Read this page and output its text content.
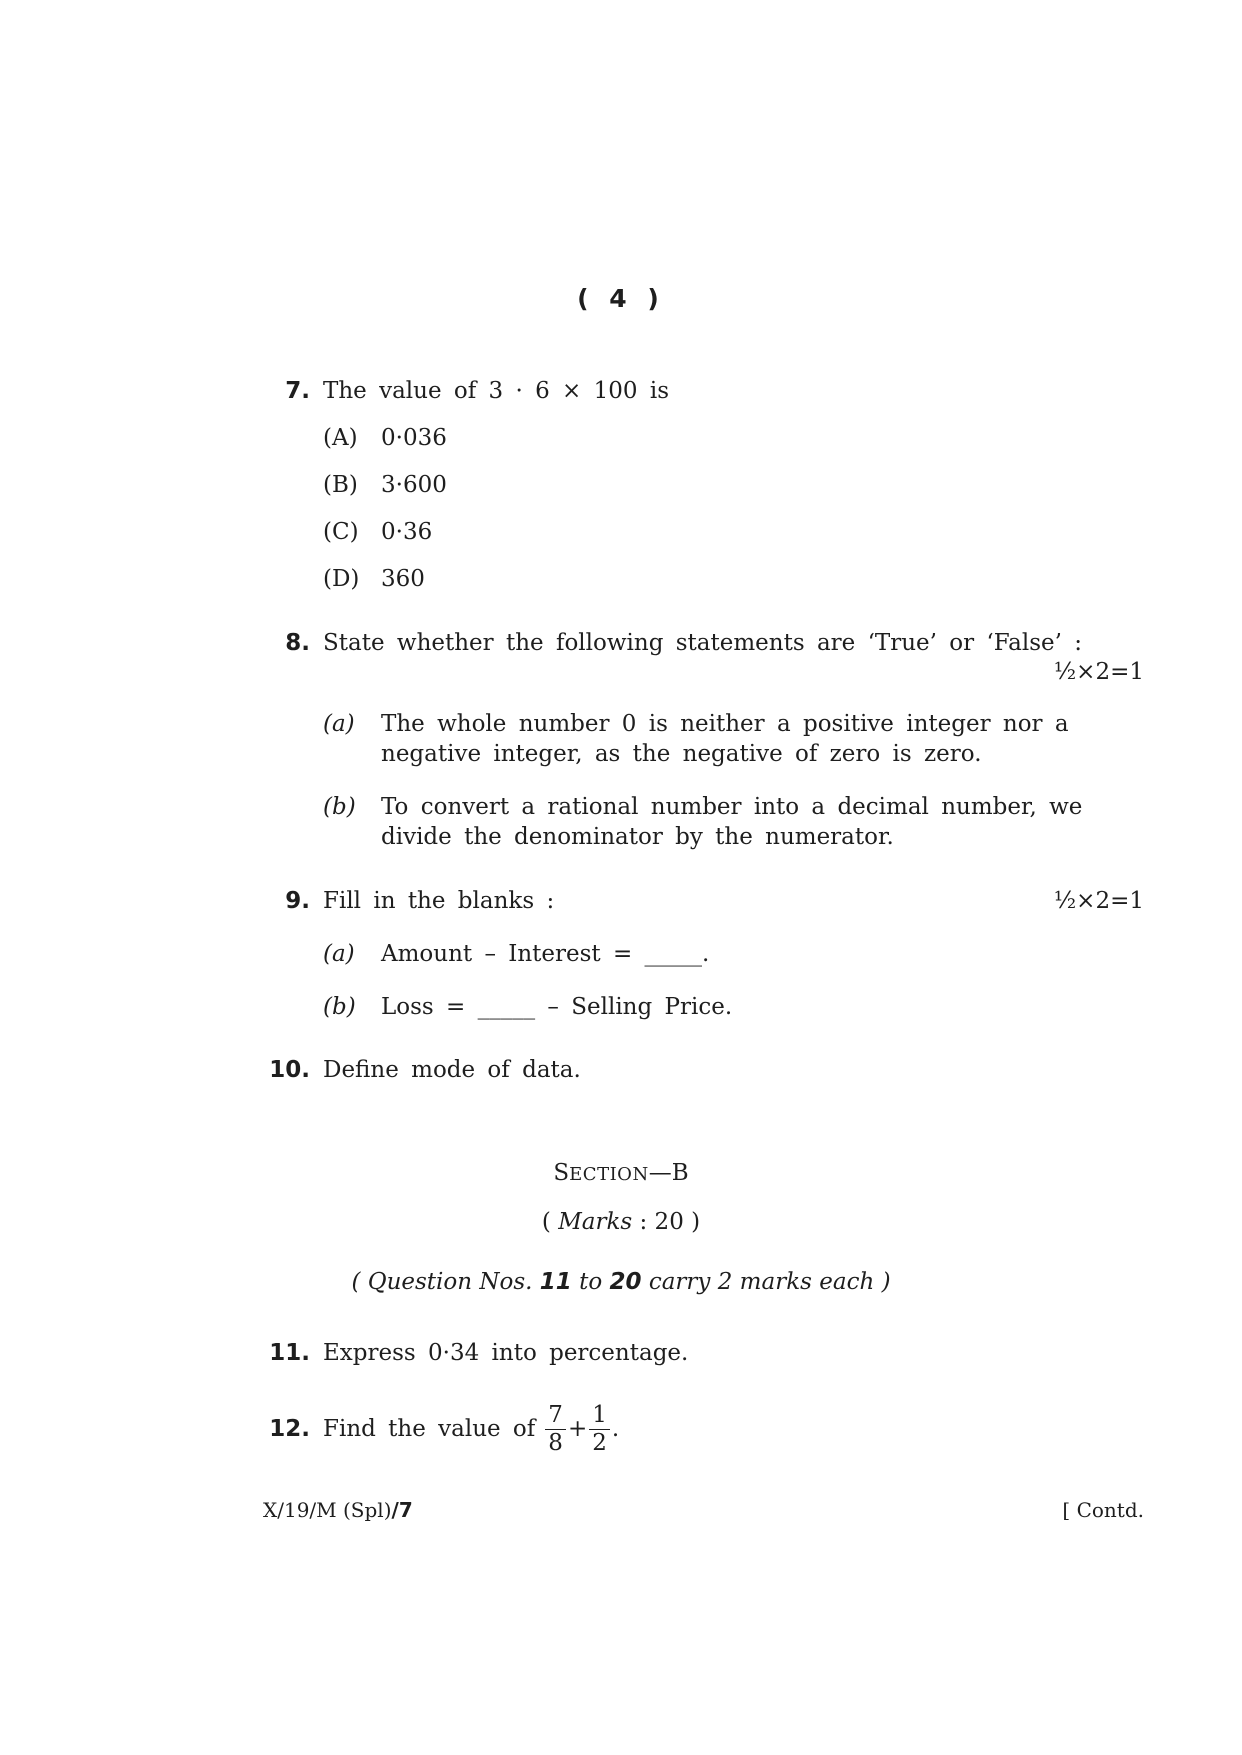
( 4 )
7. The value of 3 · 6 × 100 is
(A) 0·036
(B) 3·600
(C) 0·36
(D) 360
8. State whether the following statements are ‘True’ or ‘False’ :
½×2=1
(a) The whole number 0 is neither a positive integer nor a
negative integer, as the negative of zero is zero.
(b) To convert a rational number into a decimal number, we
divide the denominator by the numerator.
9. Fill in the blanks :	½×2=1
(a) Amount – Interest = _____.
(b) Loss = _____ – Selling Price.
10. Define mode of data.
SECTION—B
( Marks : 20 )
( Question Nos. 11 to 20 carry 2 marks each )
11. Express 0·34 into percentage.
12. Find the value of $\frac{7}{8} + \frac{1}{2}$ .
X/19/M (Spl)/7	[ Contd.
